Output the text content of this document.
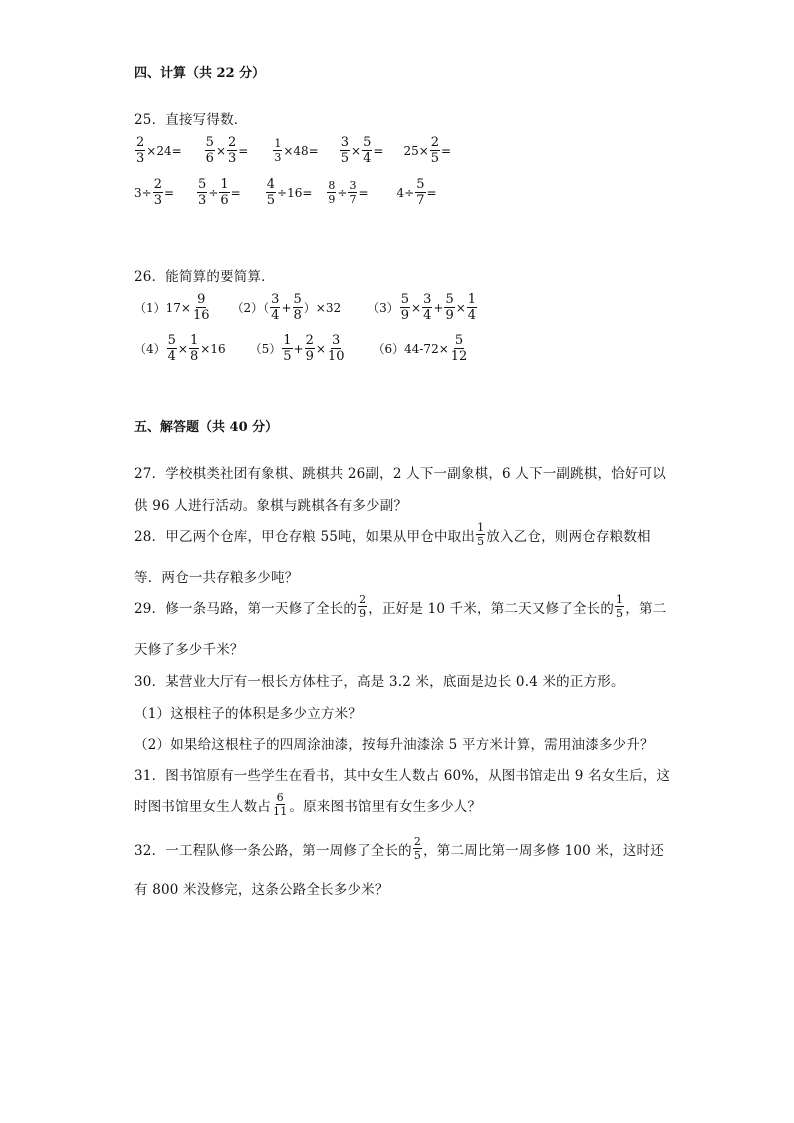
四、计算（共 22 分）
25．直接写得数．
$\frac{2}{3} \times 24= \frac{5}{6} \times \frac{2}{3} = \frac{1}{3} \times 48= \frac{3}{5} \times \frac{5}{4} = 25\times \frac{2}{5}$ =
$3\div \frac{2}{3} = \frac{5}{3} \div \frac{1}{6} = \frac{4}{5} \div 16= \frac{8}{9} \div \frac{3}{7} = 4\div \frac{5}{7}$ =
26．能简算的要简算．
$(1)17\times \frac{9}{16} (2)( \frac{3}{4} + \frac{5}{8} )\times 32$ $(3) \frac{5}{9} \times \frac{3}{4} + \frac{5}{9} \times \frac{1}{4}$
$(4) \frac{5}{4} \times \frac{1}{8} \times 16$ $(5) \frac{1}{5} + \frac{2}{9} \times \frac{3}{10} (6)44-72\times \frac{5}{12}$
五、解答题（共 40 分）
27．学校棋类社团有象棋、跳棋共 26副，2 人下一副象棋，6 人下一副跳棋，恰好可以
供 96 人进行活动。象棋与跳棋各有多少副？
28．甲乙两个仓库，甲仓存粮 55吨，如果从甲仓中取出 $\frac{1}{5}$ 放入乙仓，则两仓存粮数相
等．两仓一共存粮多少吨？
29．修一条马路，第一天修了全长的 $\frac{2}{9}$ ，正好是 10 千米，第二天又修了全长的 $\frac{1}{5}$ ，第二
天修了多少千米？
30．某营业大厅有一根长方体柱子，高是 3.2 米，底面是边长 0.4 米的正方形。
（1）这根柱子的体积是多少立方米？
（2）如果给这根柱子的四周涂油漆，按每升油漆涂 5 平方米计算，需用油漆多少升？
31．图书馆原有一些学生在看书，其中女生人数占 60%，从图书馆走出 9 名女生后，这
时图书馆里女生人数占 $\frac{6}{11}$ 。原来图书馆里有女生多少人？
32．一工程队修一条公路，第一周修了全长的 $\frac{2}{5}$ ，第二周比第一周多修 100 米，这时还
有 800 米没修完，这条公路全长多少米？
